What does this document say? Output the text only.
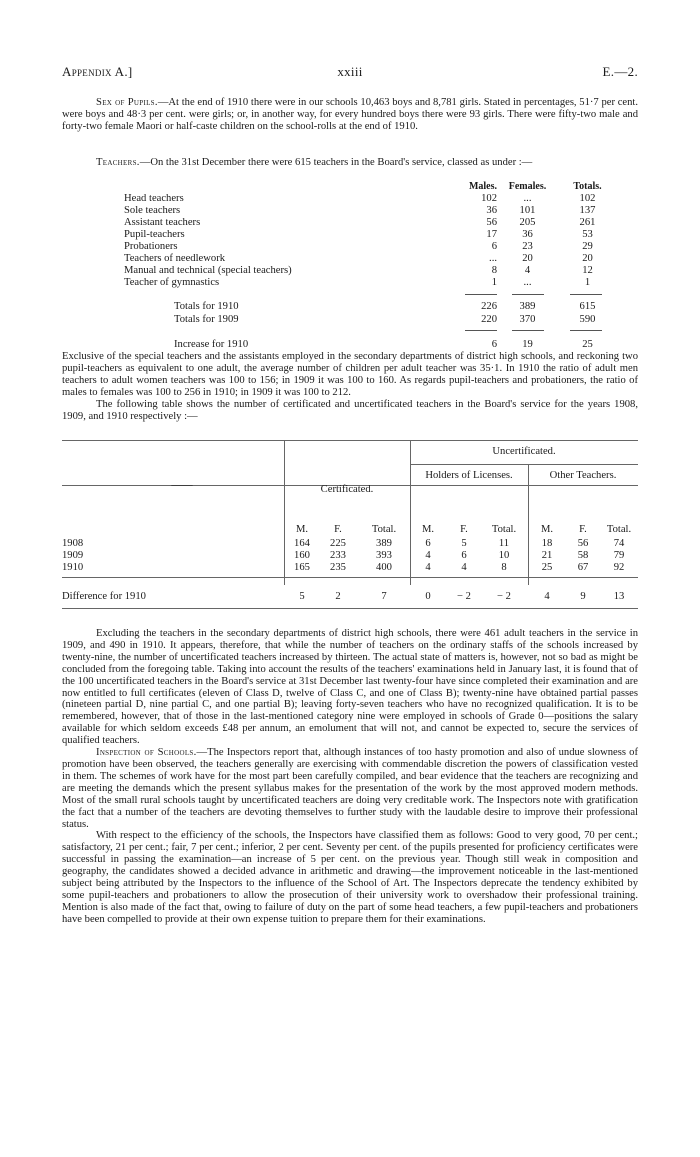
Appendix A.]	xxiii	E.—2.

Sex of Pupils.—At the end of 1910 there were in our schools 10,463 boys and 8,781 girls. Stated in percentages, 51·7 per cent. were boys and 48·3 per cent. were girls; or, in another way, for every hundred boys there were 93 girls. There were fifty-two male and forty-two female Maori or half-caste children on the school-rolls at the end of 1910.

Teachers.—On the 31st December there were 615 teachers in the Board's service, classed as under :—

Males.	Females.	Totals.
Head teachers	102	...	102
Sole teachers	36	101	137
Assistant teachers	56	205	261
Pupil-teachers	17	36	53
Probationers	6	23	29
Teachers of needlework	...	20	20
Manual and technical (special teachers)	8	4	12
Teacher of gymnastics	1	...	1
Totals for 1910	226	389	615
Totals for 1909	220	370	590
Increase for 1910	6	19	25

Exclusive of the special teachers and the assistants employed in the secondary departments of district high schools, and reckoning two pupil-teachers as equivalent to one adult, the average number of children per adult teacher was 35·1. In 1910 the ratio of adult men teachers to adult women teachers was 100 to 156; in 1909 it was 100 to 160. As regards pupil-teachers and probationers, the ratio of males to females was 100 to 256 in 1910; in 1909 it was 100 to 212.

The following table shows the number of certificated and uncertificated teachers in the Board's service for the years 1908, 1909, and 1910 respectively :—

——	Certificated.
Uncertificated.
Holders of Licenses.	Other Teachers.
M.	F.	Total.	M.	F.	Total.	M.	F.	Total.
1908	164	225	389	6	5	11	18	56	74
1909	160	233	393	4	6	10	21	58	79
1910	165	235	400	4	4	8	25	67	92
Difference for 1910	5	2	7	0	− 2	− 2	4	9	13

Excluding the teachers in the secondary departments of district high schools, there were 461 adult teachers in the service in 1909, and 490 in 1910. It appears, therefore, that while the number of teachers on the ordinary staffs of the schools increased by twenty-nine, the number of uncertificated teachers increased by thirteen. The actual state of matters is, however, not so bad as might be concluded from the foregoing table. Taking into account the results of the teachers' examinations held in January last, it is found that of the 100 uncertificated teachers in the Board's service at 31st December last twenty-four have since completed their examination and are now entitled to full certificates (eleven of Class D, twelve of Class C, and one of Class B); twenty-nine have obtained partial passes (nineteen partial D, nine partial C, and one partial B); leaving forty-seven teachers who have no recognized qualification. It is to be remembered, however, that of those in the last-mentioned category nine were employed in schools of Grade 0—positions the salary available for which seldom exceeds £48 per annum, an emolument that will not, and cannot be expected to, secure the services of qualified teachers.

Inspection of Schools.—The Inspectors report that, although instances of too hasty promotion and also of undue slowness of promotion have been observed, the teachers generally are exercising with commendable discretion the powers of classification vested in them. The schemes of work have for the most part been carefully compiled, and bear evidence that the teachers are recognizing and are meeting the demands which the present syllabus makes for the presentation of the work by the most approved modern methods. Most of the small rural schools taught by uncertificated teachers are doing very creditable work. The Inspectors note with gratification the fact that a number of the teachers are devoting themselves to further study with the laudable desire to improve their professional status.

With respect to the efficiency of the schools, the Inspectors have classified them as follows: Good to very good, 70 per cent.; satisfactory, 21 per cent.; fair, 7 per cent.; inferior, 2 per cent. Seventy per cent. of the pupils presented for proficiency certificates were successful in passing the examination—an increase of 5 per cent. on the previous year. Though still weak in composition and geography, the candidates showed a decided advance in arithmetic and drawing—the improvement noticeable in the last-mentioned subject being attributed by the Inspectors to the influence of the School of Art. The Inspectors deprecate the tendency exhibited by some pupil-teachers and probationers to allow the prosecution of their university work to overshadow their professional training. Mention is also made of the fact that, owing to failure of duty on the part of some head teachers, a few pupil-teachers and probationers have been compelled to provide at their own expense tuition to prepare them for their examinations.
